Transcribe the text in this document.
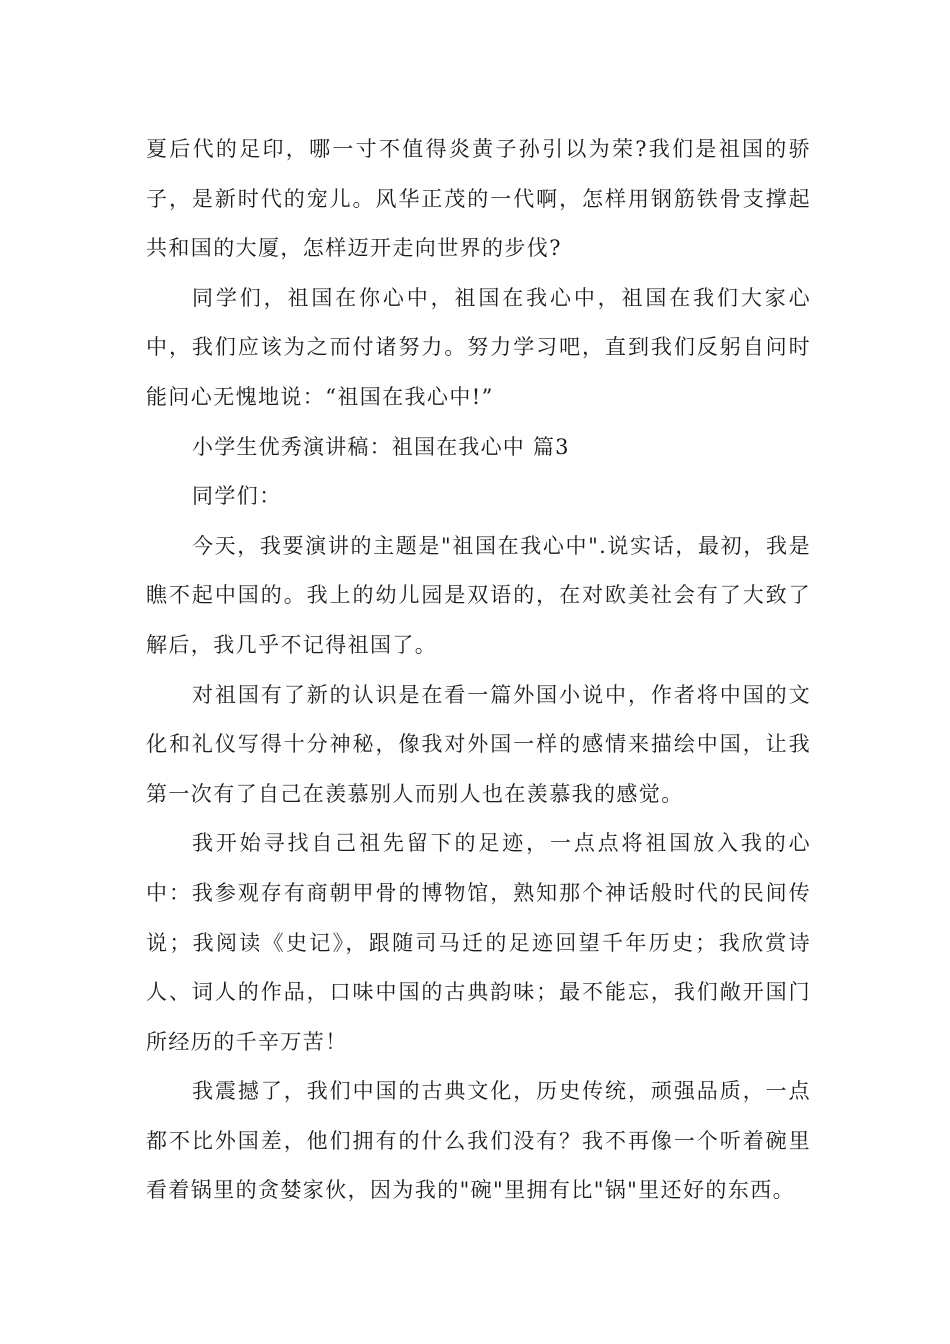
夏后代的足印，哪一寸不值得炎黄子孙引以为荣?我们是祖国的骄子，是新时代的宠儿。风华正茂的一代啊，怎样用钢筋铁骨支撑起共和国的大厦，怎样迈开走向世界的步伐?

同学们，祖国在你心中，祖国在我心中，祖国在我们大家心中，我们应该为之而付诸努力。努力学习吧，直到我们反躬自问时能问心无愧地说：“祖国在我心中!”

小学生优秀演讲稿：祖国在我心中 篇3

同学们：

今天，我要演讲的主题是"祖国在我心中".说实话，最初，我是瞧不起中国的。我上的幼儿园是双语的，在对欧美社会有了大致了解后，我几乎不记得祖国了。

对祖国有了新的认识是在看一篇外国小说中，作者将中国的文化和礼仪写得十分神秘，像我对外国一样的感情来描绘中国，让我第一次有了自己在羡慕别人而别人也在羡慕我的感觉。

我开始寻找自己祖先留下的足迹，一点点将祖国放入我的心中：我参观存有商朝甲骨的博物馆，熟知那个神话般时代的民间传说；我阅读《史记》，跟随司马迁的足迹回望千年历史；我欣赏诗人、词人的作品，口味中国的古典韵味；最不能忘，我们敞开国门所经历的千辛万苦！

我震撼了，我们中国的古典文化，历史传统，顽强品质，一点都不比外国差，他们拥有的什么我们没有？我不再像一个听着碗里看着锅里的贪婪家伙，因为我的"碗"里拥有比"锅"里还好的东西。
